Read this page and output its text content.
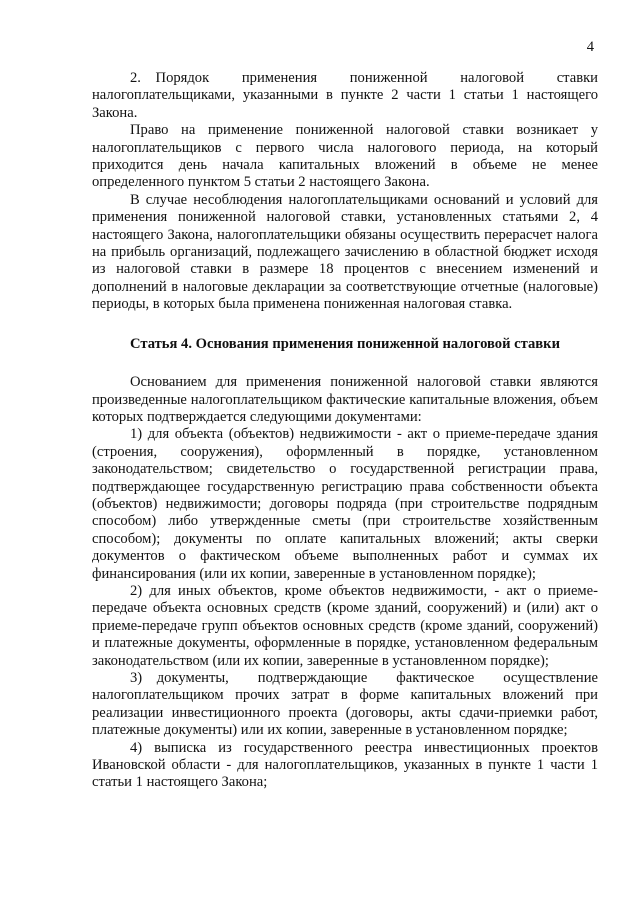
4

2. Порядок применения пониженной налоговой ставки налогоплательщиками, указанными в пункте 2 части 1 статьи 1 настоящего Закона.

Право на применение пониженной налоговой ставки возникает у налогоплательщиков с первого числа налогового периода, на который приходится день начала капитальных вложений в объеме не менее определенного пунктом 5 статьи 2 настоящего Закона.

В случае несоблюдения налогоплательщиками оснований и условий для применения пониженной налоговой ставки, установленных статьями 2, 4 настоящего Закона, налогоплательщики обязаны осуществить перерасчет налога на прибыль организаций, подлежащего зачислению в областной бюджет исходя из налоговой ставки в размере 18 процентов с внесением изменений и дополнений в налоговые декларации за соответствующие отчетные (налоговые) периоды, в которых была применена пониженная налоговая ставка.

Статья 4. Основания применения пониженной налоговой ставки

Основанием для применения пониженной налоговой ставки являются произведенные налогоплательщиком фактические капитальные вложения, объем которых подтверждается следующими документами:

1) для объекта (объектов) недвижимости - акт о приеме-передаче здания (строения, сооружения), оформленный в порядке, установленном законодательством; свидетельство о государственной регистрации права, подтверждающее государственную регистрацию права собственности объекта (объектов) недвижимости; договоры подряда (при строительстве подрядным способом) либо утвержденные сметы (при строительстве хозяйственным способом); документы по оплате капитальных вложений; акты сверки документов о фактическом объеме выполненных работ и суммах их финансирования (или их копии, заверенные в установленном порядке);

2) для иных объектов, кроме объектов недвижимости, - акт о приеме-передаче объекта основных средств (кроме зданий, сооружений) и (или) акт о приеме-передаче групп объектов основных средств (кроме зданий, сооружений) и платежные документы, оформленные в порядке, установленном федеральным законодательством (или их копии, заверенные в установленном порядке);

3) документы, подтверждающие фактическое осуществление налогоплательщиком прочих затрат в форме капитальных вложений при реализации инвестиционного проекта (договоры, акты сдачи-приемки работ, платежные документы) или их копии, заверенные в установленном порядке;

4) выписка из государственного реестра инвестиционных проектов Ивановской области - для налогоплательщиков, указанных в пункте 1 части 1 статьи 1 настоящего Закона;
